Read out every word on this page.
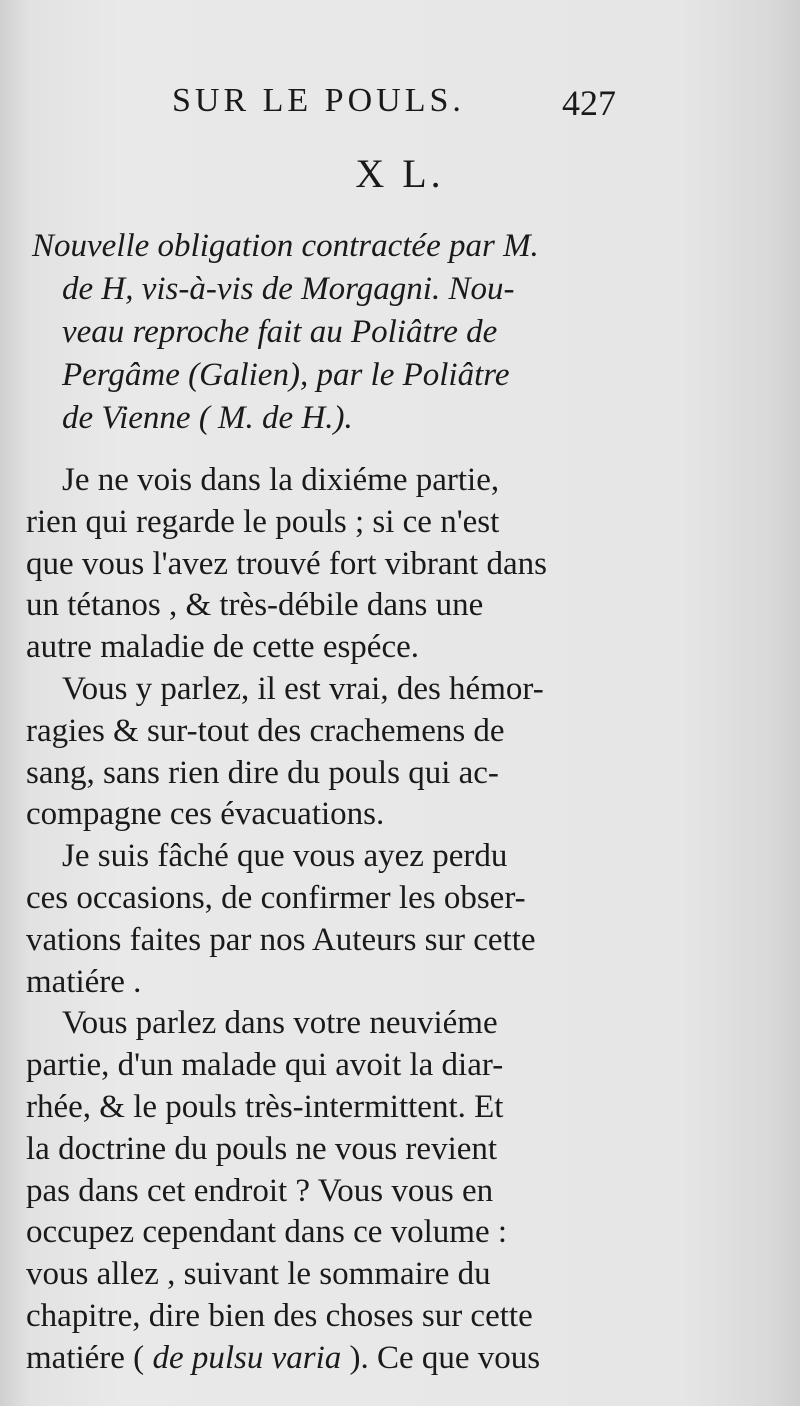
SUR LE POULS.	427
X L.
Nouvelle obligation contractée par M.
de H, vis-à-vis de Morgagni. Nou-
veau reproche fait au Poliâtre de
Pergâme (Galien), par le Poliâtre
de Vienne ( M. de H.).
Je ne vois dans la dixiéme partie,
rien qui regarde le pouls ; si ce n'est
que vous l'avez trouvé fort vibrant dans
un tétanos , & très-débile dans une
autre maladie de cette espéce.
Vous y parlez, il est vrai, des hémor-
ragies & sur-tout des crachemens de
sang, sans rien dire du pouls qui ac-
compagne ces évacuations.
Je suis fâché que vous ayez perdu
ces occasions, de confirmer les obser-
vations faites par nos Auteurs sur cette
matiére .
Vous parlez dans votre neuviéme
partie, d'un malade qui avoit la diar-
rhée, & le pouls très-intermittent. Et
la doctrine du pouls ne vous revient
pas dans cet endroit ? Vous vous en
occupez cependant dans ce volume :
vous allez , suivant le sommaire du
chapitre, dire bien des choses sur cette
matiére ( de pulsu varia ). Ce que vous
